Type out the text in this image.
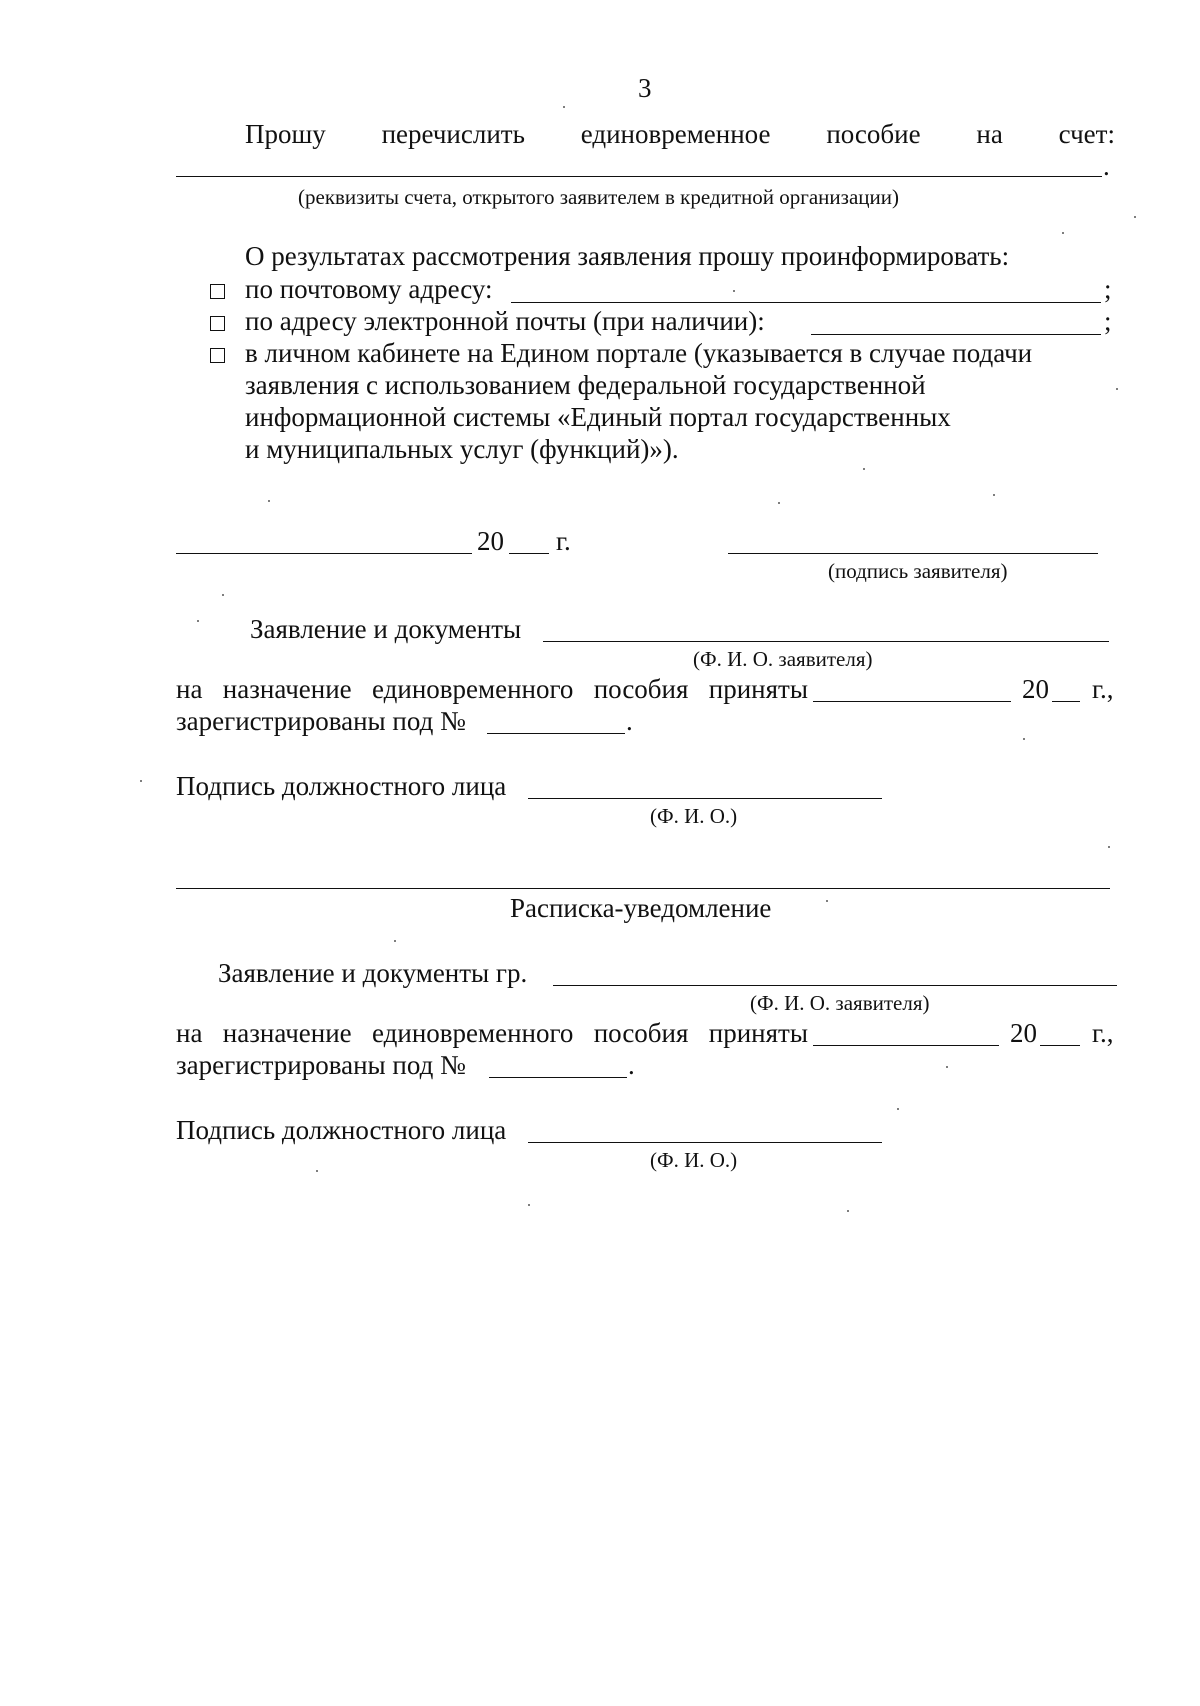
3
Прошу перечислить единовременное пособие на счет:
.
(реквизиты счета, открытого заявителем в кредитной организации)
О результатах рассмотрения заявления прошу проинформировать:
по почтовому адресу:	;
по адресу электронной почты (при наличии):	;
в личном кабинете на Едином портале (указывается в случае подачи
заявления с использованием федеральной государственной
информационной системы «Единый портал государственных
и муниципальных услуг (функций)»).
20 г.
(подпись заявителя)
Заявление и документы
(Ф. И. О. заявителя)
на назначение единовременного пособия приняты	20 г.,
зарегистрированы под №	.
Подпись должностного лица
(Ф. И. О.)
Расписка-уведомление
Заявление и документы гр.
(Ф. И. О. заявителя)
на назначение единовременного пособия приняты	20 г.,
зарегистрированы под №	.
Подпись должностного лица
(Ф. И. О.)
